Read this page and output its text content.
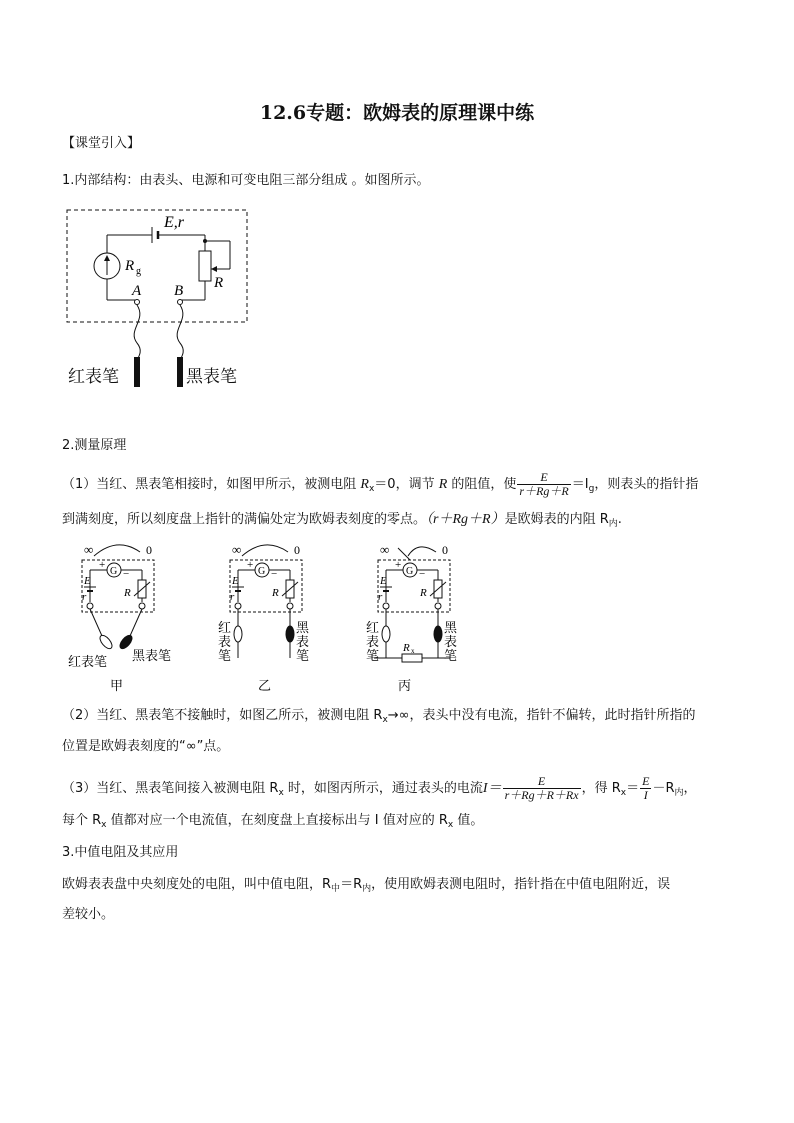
12.6专题：欧姆表的原理课中练
【课堂引入】
1.内部结构：由表头、电源和可变电阻三部分组成 。如图所示。
E,r
R g
A	R
B
红表笔	黑表笔
2.测量原理
（1）当红、黑表笔相接时，如图甲所示，被测电阻 $R_x=0$，调节 R 的阻值，使 $\frac{E}{r+Rg+R} =I_g$，则表头的指针指
到满刻度，所以刻度盘上指针的满偏处定为欧姆表刻度的零点。（r＋Rg＋R）是欧姆表的内阻 $R_内$.
∞	0
G
+
−
E
r	R
红表笔 黑表笔
甲
∞	0
G
+
−
E
r	R
红
表
笔
黑
表
笔
乙
∞	0
G
+
−
E
r	R
R x
红
表
笔
黑
表
笔
丙
（2）当红、黑表笔不接触时，如图乙所示，被测电阻 $R_x\to\infty$，表头中没有电流，指针不偏转，此时指针所指的
位置是欧姆表刻度的“∞”点。
（3）当红、黑表笔间接入被测电阻 $R_x$ 时，如图丙所示，通过表头的电流$I= \frac{E}{r+Rg+R+Rx}$ ，得 $R_x= \frac{E}{I} -R_内$，
每个 $R_x$ 值都对应一个电流值，在刻度盘上直接标出与 I 值对应的 $R_x$ 值。
3.中值电阻及其应用
欧姆表表盘中央刻度处的电阻，叫中值电阻，$R_中=R_内$，使用欧姆表测电阻时，指针指在中值电阻附近，误
差较小。
